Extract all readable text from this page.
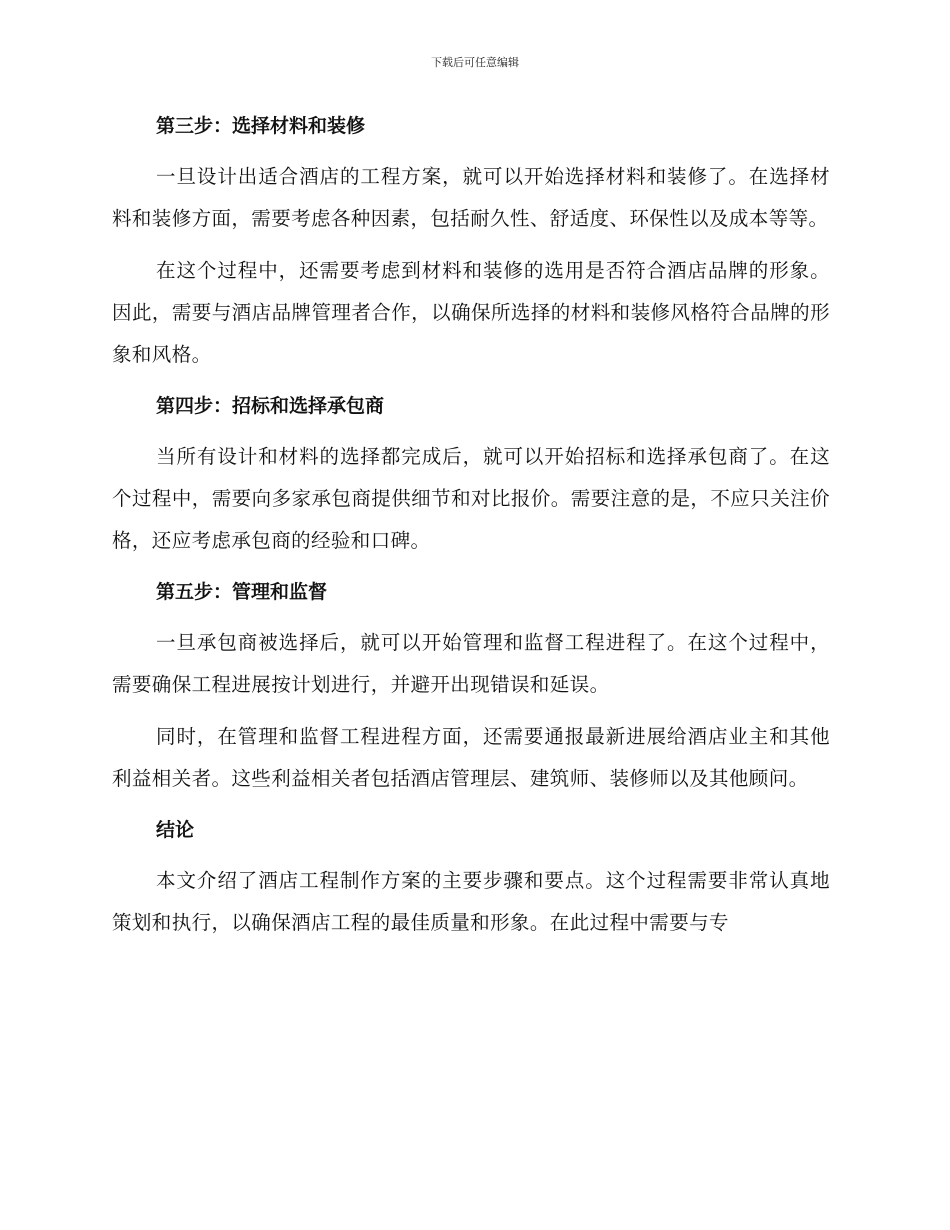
下载后可任意编辑
第三步：选择材料和装修

一旦设计出适合酒店的工程方案，就可以开始选择材料和装修了。在选择材料和装修方面，需要考虑各种因素，包括耐久性、舒适度、环保性以及成本等等。

在这个过程中，还需要考虑到材料和装修的选用是否符合酒店品牌的形象。因此，需要与酒店品牌管理者合作，以确保所选择的材料和装修风格符合品牌的形象和风格。

第四步：招标和选择承包商

当所有设计和材料的选择都完成后，就可以开始招标和选择承包商了。在这个过程中，需要向多家承包商提供细节和对比报价。需要注意的是，不应只关注价格，还应考虑承包商的经验和口碑。

第五步：管理和监督

一旦承包商被选择后，就可以开始管理和监督工程进程了。在这个过程中，需要确保工程进展按计划进行，并避开出现错误和延误。

同时，在管理和监督工程进程方面，还需要通报最新进展给酒店业主和其他利益相关者。这些利益相关者包括酒店管理层、建筑师、装修师以及其他顾问。

结论

本文介绍了酒店工程制作方案的主要步骤和要点。这个过程需要非常认真地策划和执行，以确保酒店工程的最佳质量和形象。在此过程中需要与专
